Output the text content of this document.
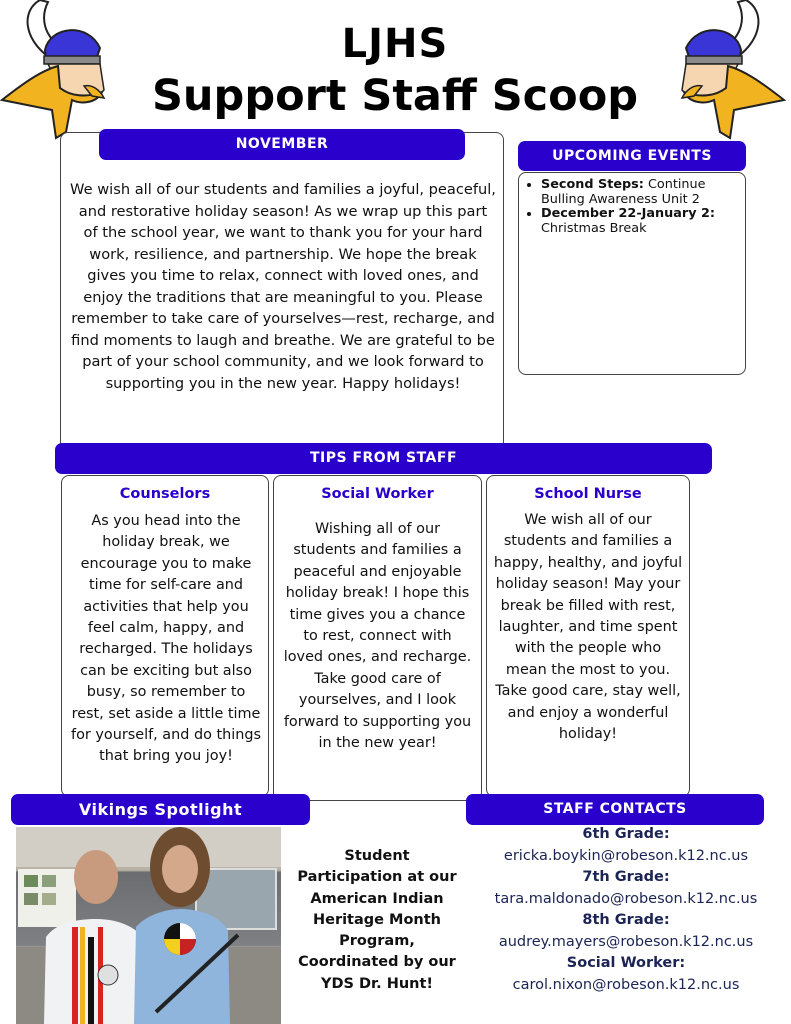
LJHS
Support Staff Scoop
NOVEMBER
We wish all of our students and families a joyful, peaceful, and restorative holiday season! As we wrap up this part of the school year, we want to thank you for your hard work, resilience, and partnership. We hope the break gives you time to relax, connect with loved ones, and enjoy the traditions that are meaningful to you. Please remember to take care of yourselves—rest, recharge, and find moments to laugh and breathe. We are grateful to be part of your school community, and we look forward to supporting you in the new year. Happy holidays!
UPCOMING EVENTS
• Second Steps: Continue Bulling Awareness Unit 2
• December 22-January 2: Christmas Break
TIPS FROM STAFF
Counselors
As you head into the holiday break, we encourage you to make time for self-care and activities that help you feel calm, happy, and recharged. The holidays can be exciting but also busy, so remember to rest, set aside a little time for yourself, and do things that bring you joy!
Social Worker
Wishing all of our students and families a peaceful and enjoyable holiday break! I hope this time gives you a chance to rest, connect with loved ones, and recharge. Take good care of yourselves, and I look forward to supporting you in the new year!
School Nurse
We wish all of our students and families a happy, healthy, and joyful holiday season! May your break be filled with rest, laughter, and time spent with the people who mean the most to you. Take good care, stay well, and enjoy a wonderful holiday!
Vikings Spotlight
Student Participation at our American Indian Heritage Month Program, Coordinated by our YDS Dr. Hunt!
STAFF CONTACTS
6th Grade:
ericka.boykin@robeson.k12.nc.us
7th Grade:
tara.maldonado@robeson.k12.nc.us
8th Grade:
audrey.mayers@robeson.k12.nc.us
Social Worker:
carol.nixon@robeson.k12.nc.us
